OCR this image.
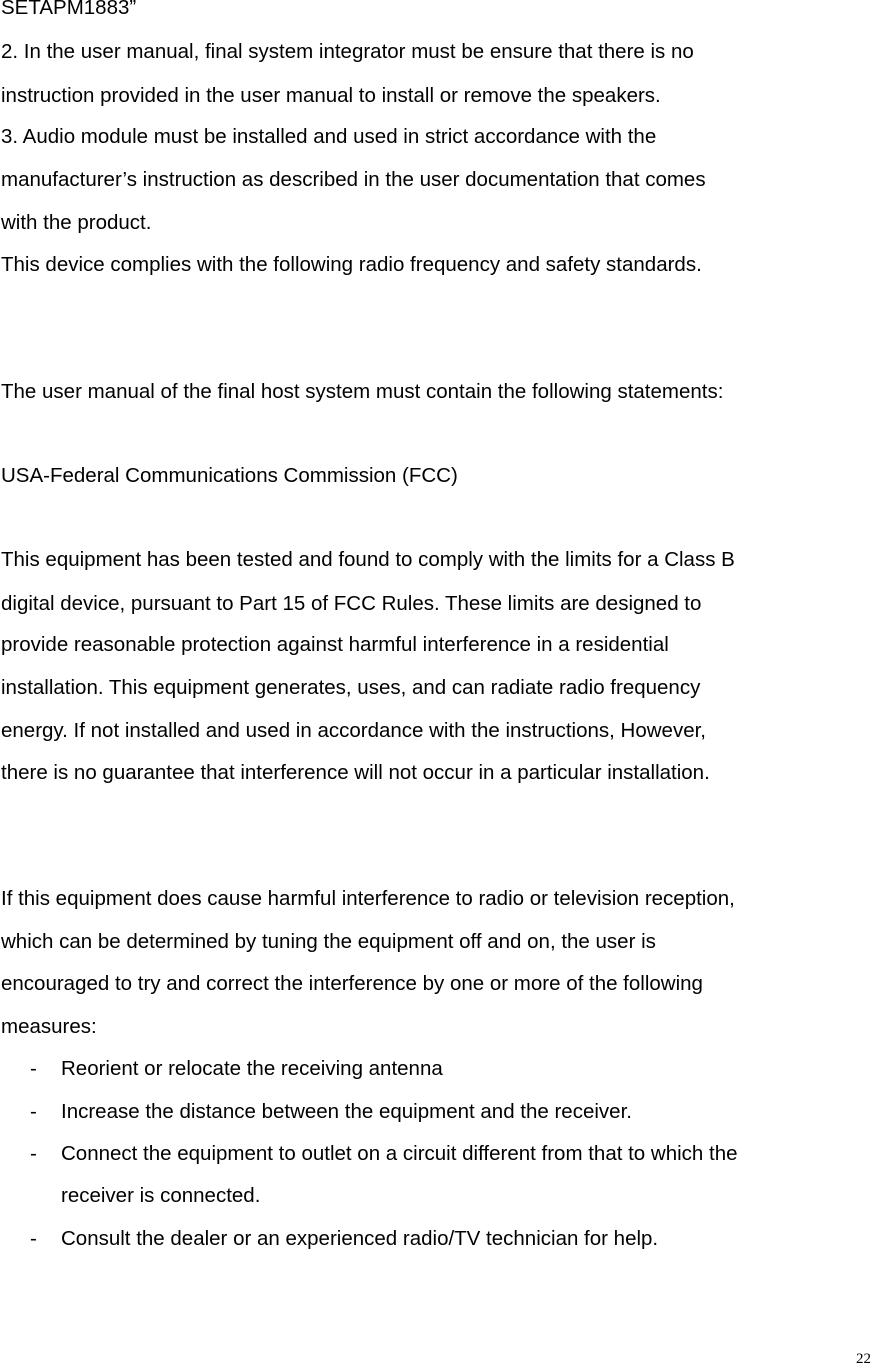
SETAPM1883”
2. In the user manual, final system integrator must be ensure that there is no
instruction provided in the user manual to install or remove the speakers.
3. Audio module must be installed and used in strict accordance with the
manufacturer’s instruction as described in the user documentation that comes
with the product.
This device complies with the following radio frequency and safety standards.
The user manual of the final host system must contain the following statements:
USA-Federal Communications Commission (FCC)
This equipment has been tested and found to comply with the limits for a Class B
digital device, pursuant to Part 15 of FCC Rules. These limits are designed to
provide reasonable protection against harmful interference in a residential
installation. This equipment generates, uses, and can radiate radio frequency
energy. If not installed and used in accordance with the instructions, However,
there is no guarantee that interference will not occur in a particular installation.
If this equipment does cause harmful interference to radio or television reception,
which can be determined by tuning the equipment off and on, the user is
encouraged to try and correct the interference by one or more of the following
measures:
- Reorient or relocate the receiving antenna
- Increase the distance between the equipment and the receiver.
- Connect the equipment to outlet on a circuit different from that to which the
receiver is connected.
- Consult the dealer or an experienced radio/TV technician for help.
22
